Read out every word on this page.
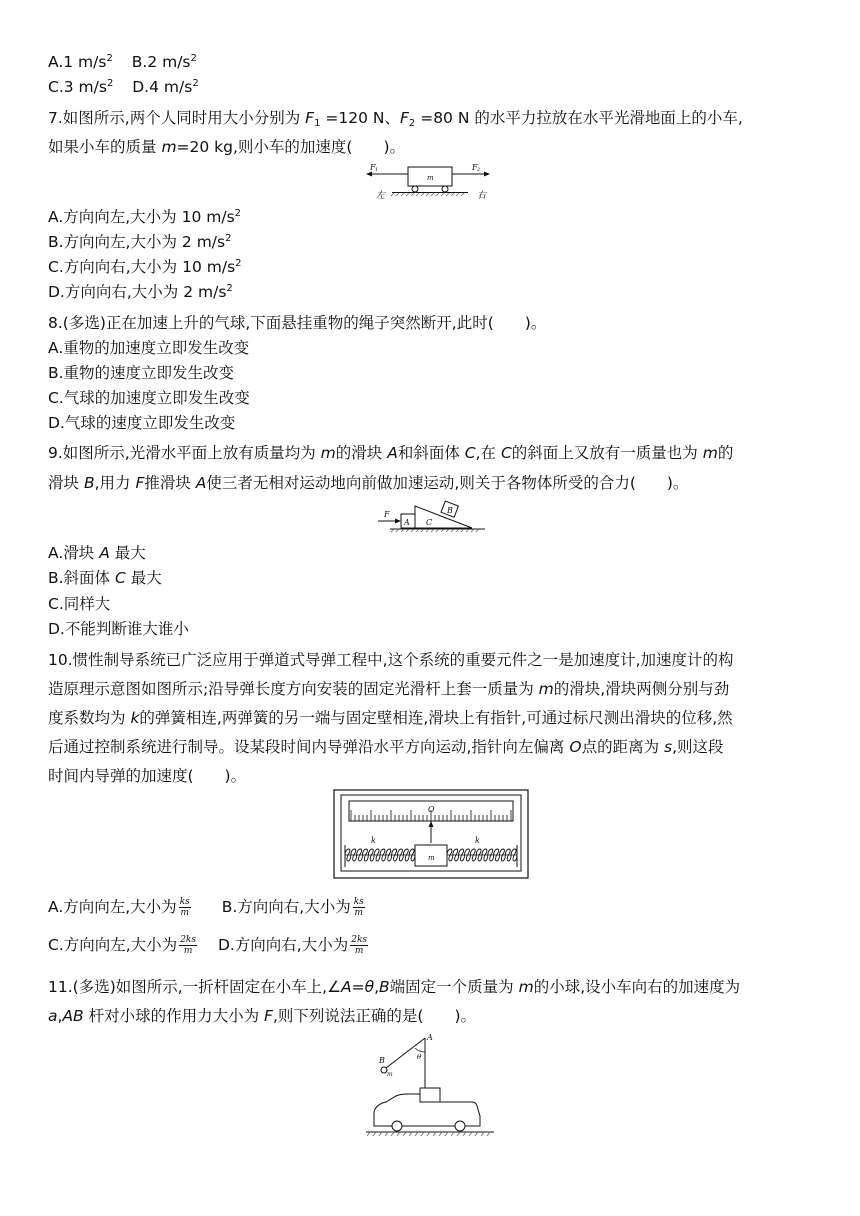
A.1 $m/s^2$ B.2 $m/s^2$
C.3 $m/s^2$ D.4 $m/s^2$
7.如图所示,两个人同时用大小分别为 $F_1 =120$ N、$F_2 =80$ N 的水平力拉放在水平光滑地面上的小车,
如果小车的质量 m=20 kg,则小车的加速度(　　)。
F 1	F 2
m
左	右
A.方向向左,大小为 10 $m/s^2$
B.方向向左,大小为 2 $m/s^2$
C.方向向右,大小为 10 $m/s^2$
D.方向向右,大小为 2 $m/s^2$
8.(多选)正在加速上升的气球,下面悬挂重物的绳子突然断开,此时(　　)。
A.重物的加速度立即发生改变
B.重物的速度立即发生改变
C.气球的加速度立即发生改变
D.气球的速度立即发生改变
9.如图所示,光滑水平面上放有质量均为 m的滑块 A和斜面体 C,在 C的斜面上又放有一质量也为 m的
滑块 B,用力 F推滑块 A使三者无相对运动地向前做加速运动,则关于各物体所受的合力(　　)。
F
A C
B
A.滑块 A 最大
B.斜面体 C 最大
C.同样大
D.不能判断谁大谁小
10.惯性制导系统已广泛应用于弹道式导弹工程中,这个系统的重要元件之一是加速度计,加速度计的构
造原理示意图如图所示;沿导弹长度方向安装的固定光滑杆上套一质量为 m的滑块,滑块两侧分别与劲
度系数均为 k的弹簧相连,两弹簧的另一端与固定壁相连,滑块上有指针,可通过标尺测出滑块的位移,然
后通过控制系统进行制导。设某段时间内导弹沿水平方向运动,指针向左偏离 O点的距离为 s,则这段
时间内导弹的加速度(　　)。
O
k	k
m
A.方向向左,大小为 $\frac{ks}{m} B$.方向向右,大小为 $\frac{ks}{m}$
C.方向向左,大小为 $\frac{2ks}{m} D$.方向向右,大小为 $\frac{2ks}{m}$
11.(多选)如图所示,一折杆固定在小车上,∠A=θ,B端固定一个质量为 m的小球,设小车向右的加速度为
a,AB 杆对小球的作用力大小为 F,则下列说法正确的是(　　)。
A
θ
B
m
